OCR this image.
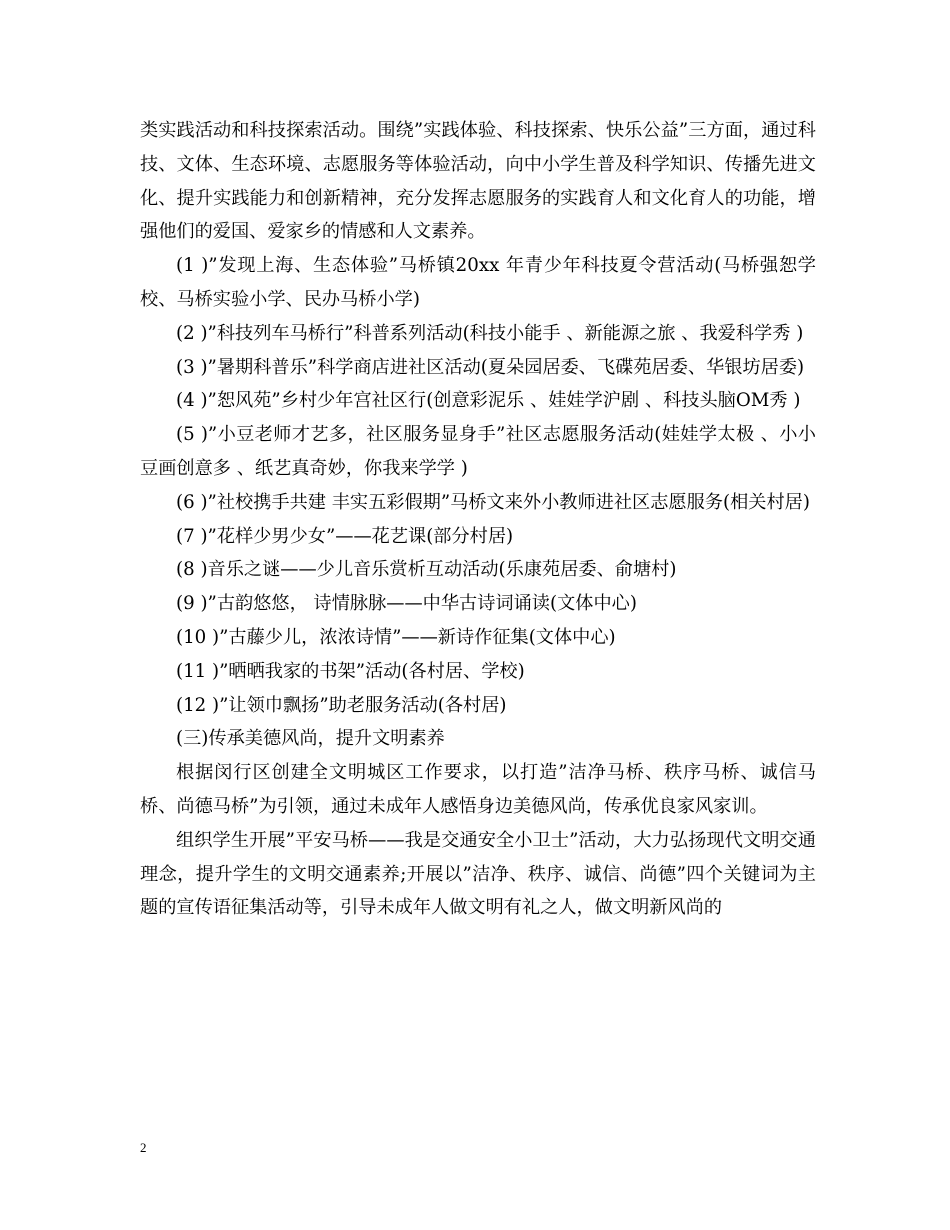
类实践活动和科技探索活动。围绕”实践体验、科技探索、快乐公益”三方面，通过科技、文体、生态环境、志愿服务等体验活动，向中小学生普及科学知识、传播先进文化、提升实践能力和创新精神，充分发挥志愿服务的实践育人和文化育人的功能，增强他们的爱国、爱家乡的情感和人文素养。

(1 )”发现上海、生态体验”马桥镇20xx 年青少年科技夏令营活动(马桥强恕学校、马桥实验小学、民办马桥小学)

(2 )”科技列车马桥行”科普系列活动(科技小能手 、新能源之旅 、我爱科学秀 )

(3 )”暑期科普乐”科学商店进社区活动(夏朵园居委、飞碟苑居委、华银坊居委)

(4 )”恕风苑”乡村少年宫社区行(创意彩泥乐 、娃娃学沪剧 、科技头脑OM秀 )

(5 )”小豆老师才艺多，社区服务显身手”社区志愿服务活动(娃娃学太极 、小小豆画创意多 、纸艺真奇妙，你我来学学 )

(6 )”社校携手共建 丰实五彩假期”马桥文来外小教师进社区志愿服务(相关村居)

(7 )”花样少男少女”——花艺课(部分村居)

(8 )音乐之谜——少儿音乐赏析互动活动(乐康苑居委、俞塘村)

(9 )”古韵悠悠， 诗情脉脉——中华古诗词诵读(文体中心)

(10 )”古藤少儿，浓浓诗情”——新诗作征集(文体中心)

(11 )”晒晒我家的书架”活动(各村居、学校)

(12 )”让领巾飘扬”助老服务活动(各村居)

(三)传承美德风尚，提升文明素养

根据闵行区创建全文明城区工作要求，以打造”洁净马桥、秩序马桥、诚信马桥、尚德马桥”为引领，通过未成年人感悟身边美德风尚，传承优良家风家训。

组织学生开展”平安马桥——我是交通安全小卫士”活动，大力弘扬现代文明交通理念，提升学生的文明交通素养;开展以”洁净、秩序、诚信、尚德”四个关键词为主题的宣传语征集活动等，引导未成年人做文明有礼之人，做文明新风尚的

2
